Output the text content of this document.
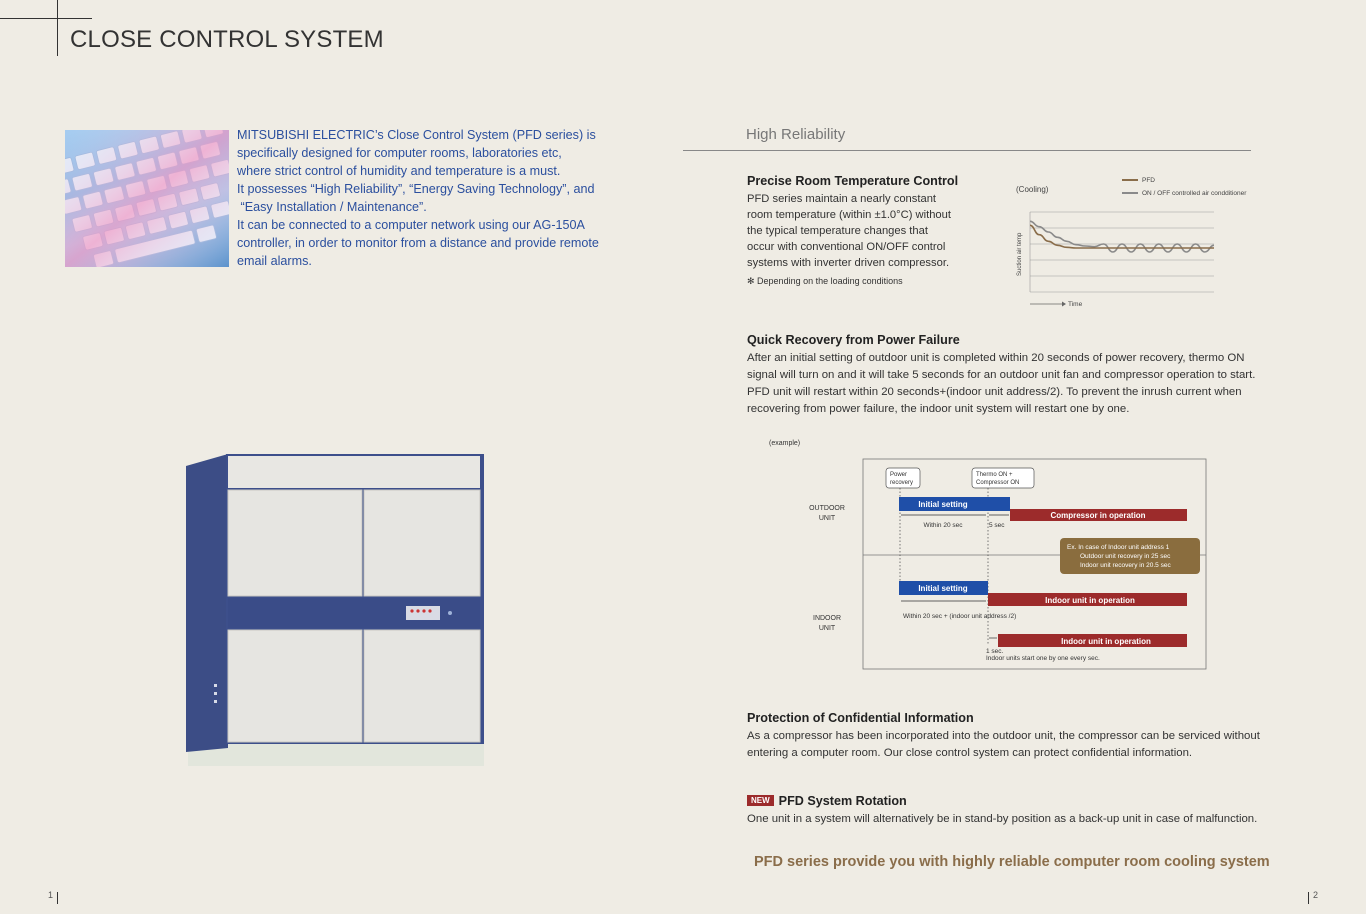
CLOSE CONTROL SYSTEM

MITSUBISHI ELECTRIC’s Close Control System (PFD series) is

specifically designed for computer rooms, laboratories etc,

where strict control of humidity and temperature is a must.

It possesses “High Reliability”, “Energy Saving Technology”, and

“Easy Installation / Maintenance”.

It can be connected to a computer network using our AG-150A

controller, in order to monitor from a distance and provide remote

email alarms.

High Reliability
Precise Room Temperature Control
PFD series maintain a nearly constant
room temperature (within ±1.0°C) without
the typical temperature changes that
occur with conventional ON/OFF control
systems with inverter driven compressor.
✻ Depending on the loading conditions
(Cooling)
PFD
ON / OFF controlled air condditioner
Suction air temp
Time
Quick Recovery from Power Failure
After an initial setting of outdoor unit is completed within 20 seconds of power recovery, thermo ON
signal will turn on and it will take 5 seconds for an outdoor unit fan and compressor operation to start.
PFD unit will restart within 20 seconds+(indoor unit address/2). To prevent the inrush current when
recovering from power failure, the indoor unit system will restart one by one.
(example)
OUTDOOR
UNIT
INDOOR
UNIT
Power
recovery
Thermo ON +
Compressor ON
Initial setting
Within 20 sec	5 sec
Compressor in operation
Ex. In case of Indoor unit address 1
Outdoor unit recovery in 25 sec
Indoor unit recovery in 20.5 sec
Initial setting
Within 20 sec + (indoor unit address /2)
Indoor unit in operation
Indoor unit in operation
1 sec.
Indoor units start one by one every sec.
Protection of Confidential Information
As a compressor has been incorporated into the outdoor unit, the compressor can be serviced without
entering a computer room. Our close control system can protect confidential information.
NEW PFD System Rotation
One unit in a system will alternatively be in stand-by position as a back-up unit in case of malfunction.
PFD series provide you with highly reliable computer room cooling system
1	2
